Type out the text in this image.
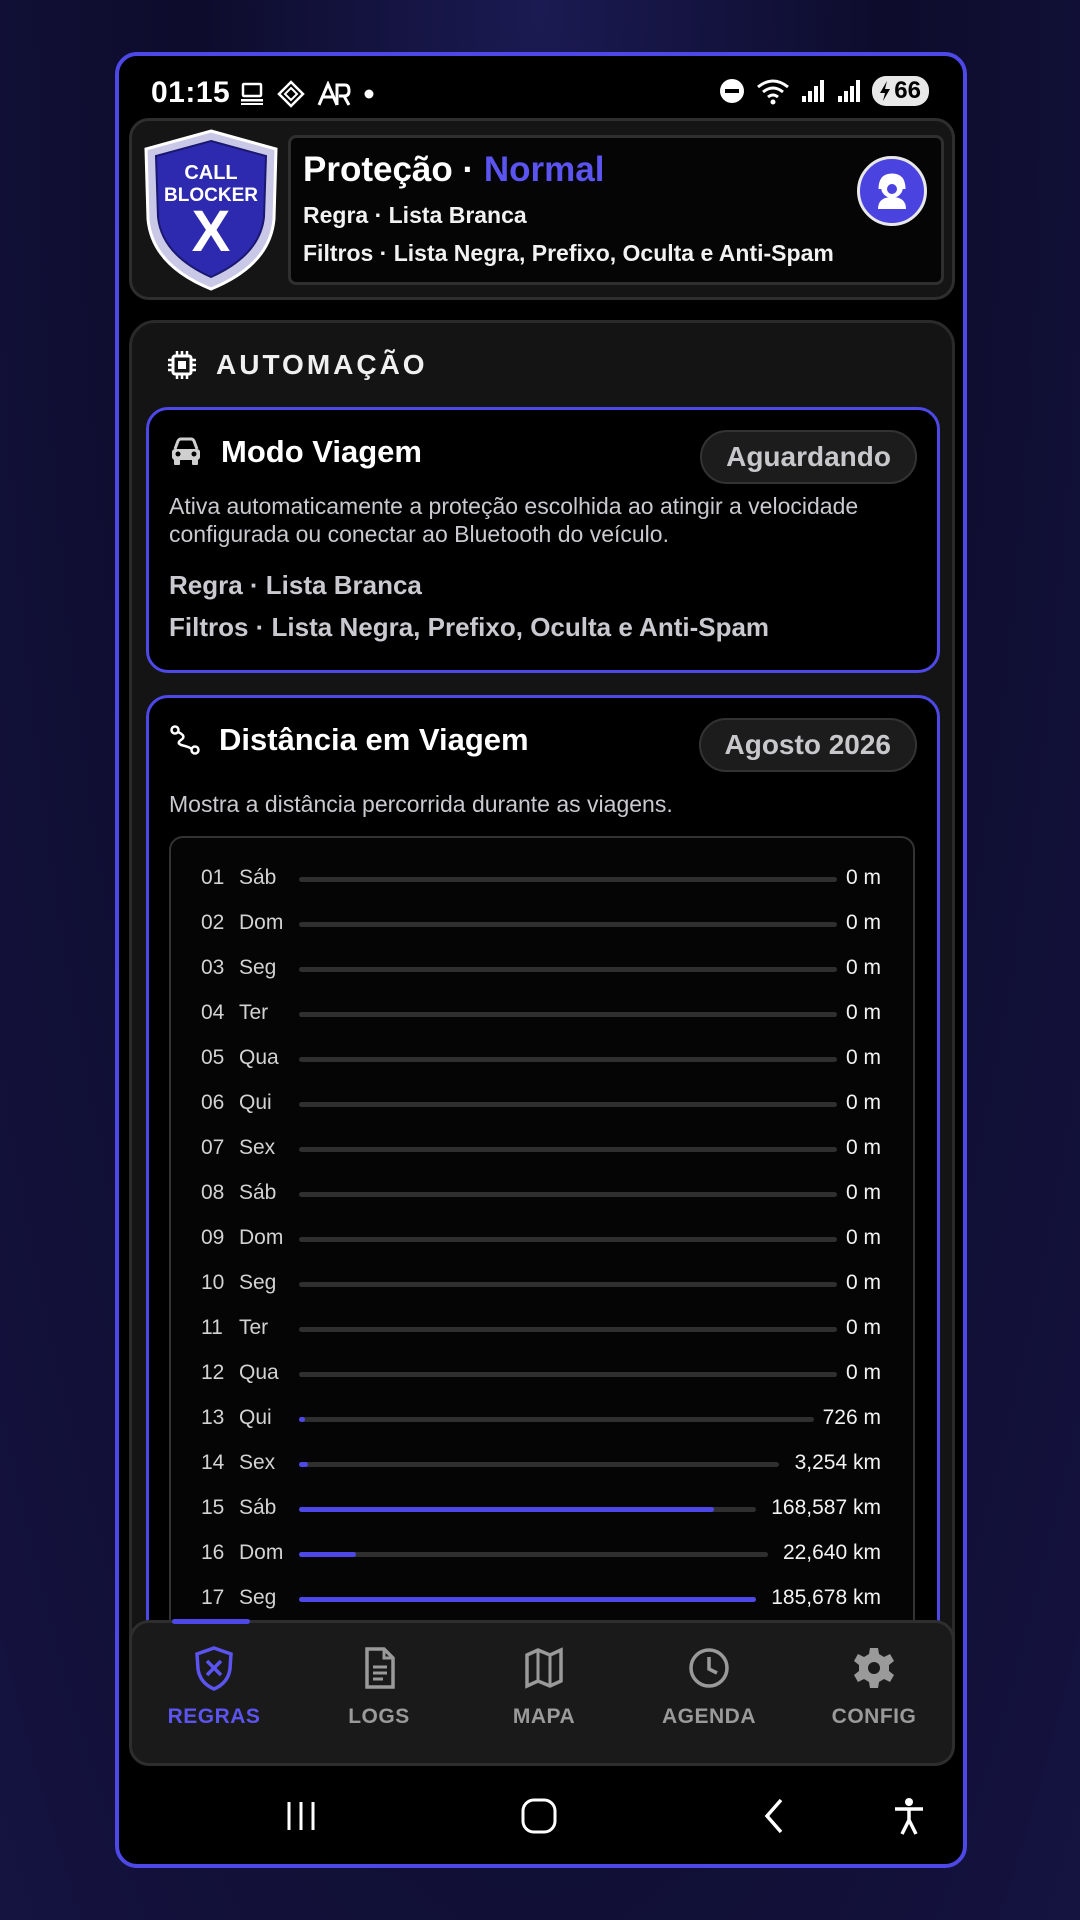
01:15	66
CALL
BLOCKER
X
Proteção · Normal
Regra · Lista Branca
Filtros · Lista Negra, Prefixo, Oculta e Anti-Spam
AUTOMAÇÃO
Modo Viagem	Aguardando
Ativa automaticamente a proteção escolhida ao atingir a velocidade
configurada ou conectar ao Bluetooth do veículo.
Regra · Lista Branca
Filtros · Lista Negra, Prefixo, Oculta e Anti-Spam
Distância em Viagem	Agosto 2026
Mostra a distância percorrida durante as viagens.
01 Sáb	0 m
02 Dom	0 m
03 Seg	0 m
04 Ter	0 m
05 Qua	0 m
06 Qui	0 m
07 Sex	0 m
08 Sáb	0 m
09 Dom	0 m
10 Seg	0 m
11 Ter	0 m
12 Qua	0 m
13 Qui	726 m
14 Sex	3,254 km
15 Sáb	168,587 km
16 Dom	22,640 km
17 Seg	185,678 km
REGRAS	LOGS	MAPA	AGENDA	CONFIG
